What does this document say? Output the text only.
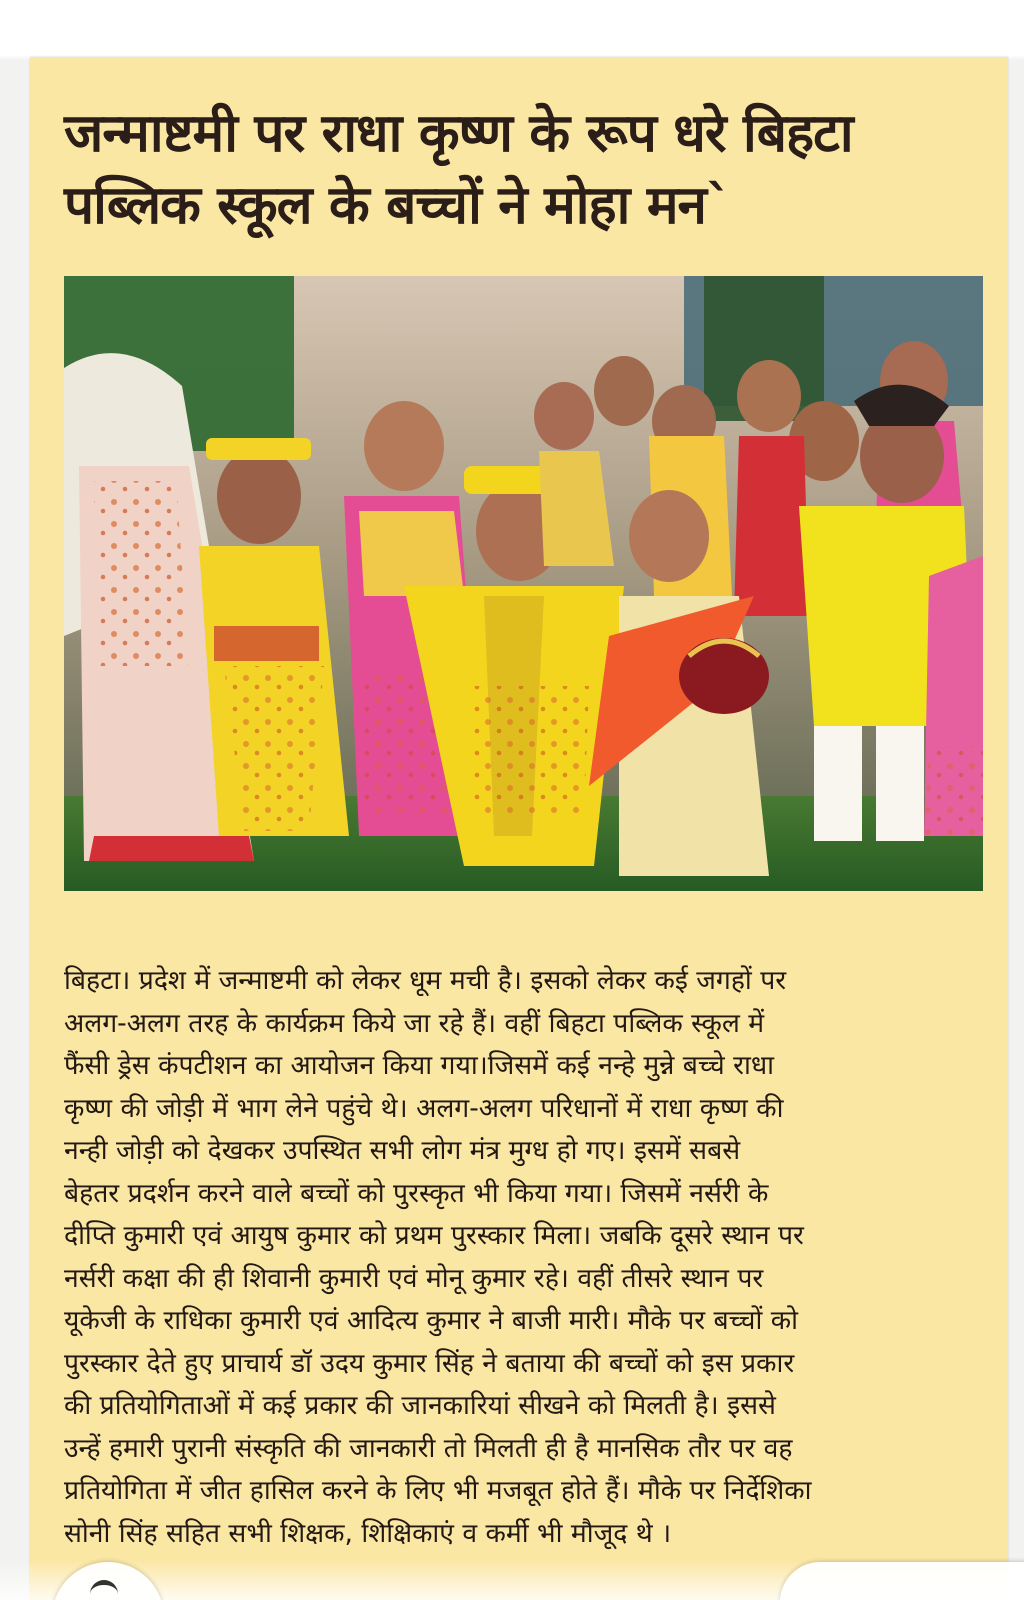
जन्माष्टमी पर राधा कृष्ण के रूप धरे बिहटा
पब्लिक स्कूल के बच्चों ने मोहा मन`
बिहटा। प्रदेश में जन्माष्टमी को लेकर धूम मची है। इसको लेकर कई जगहों पर
अलग-अलग तरह के कार्यक्रम किये जा रहे हैं। वहीं बिहटा पब्लिक स्कूल में
फैंसी ड्रेस कंपटीशन का आयोजन किया गया।जिसमें कई नन्हे मुन्ने बच्चे राधा
कृष्ण की जोड़ी में भाग लेने पहुंचे थे। अलग-अलग परिधानों में राधा कृष्ण की
नन्ही जोड़ी को देखकर उपस्थित सभी लोग मंत्र मुग्ध हो गए। इसमें सबसे
बेहतर प्रदर्शन करने वाले बच्चों को पुरस्कृत भी किया गया। जिसमें नर्सरी के
दीप्ति कुमारी एवं आयुष कुमार को प्रथम पुरस्कार मिला। जबकि दूसरे स्थान पर
नर्सरी कक्षा की ही शिवानी कुमारी एवं मोनू कुमार रहे। वहीं तीसरे स्थान पर
यूकेजी के राधिका कुमारी एवं आदित्य कुमार ने बाजी मारी। मौके पर बच्चों को
पुरस्कार देते हुए प्राचार्य डॉ उदय कुमार सिंह ने बताया की बच्चों को इस प्रकार
की प्रतियोगिताओं में कई प्रकार की जानकारियां सीखने को मिलती है। इससे
उन्हें हमारी पुरानी संस्कृति की जानकारी तो मिलती ही है मानसिक तौर पर वह
प्रतियोगिता में जीत हासिल करने के लिए भी मजबूत होते हैं। मौके पर निर्देशिका
सोनी सिंह सहित सभी शिक्षक, शिक्षिकाएं व कर्मी भी मौजूद थे ।
